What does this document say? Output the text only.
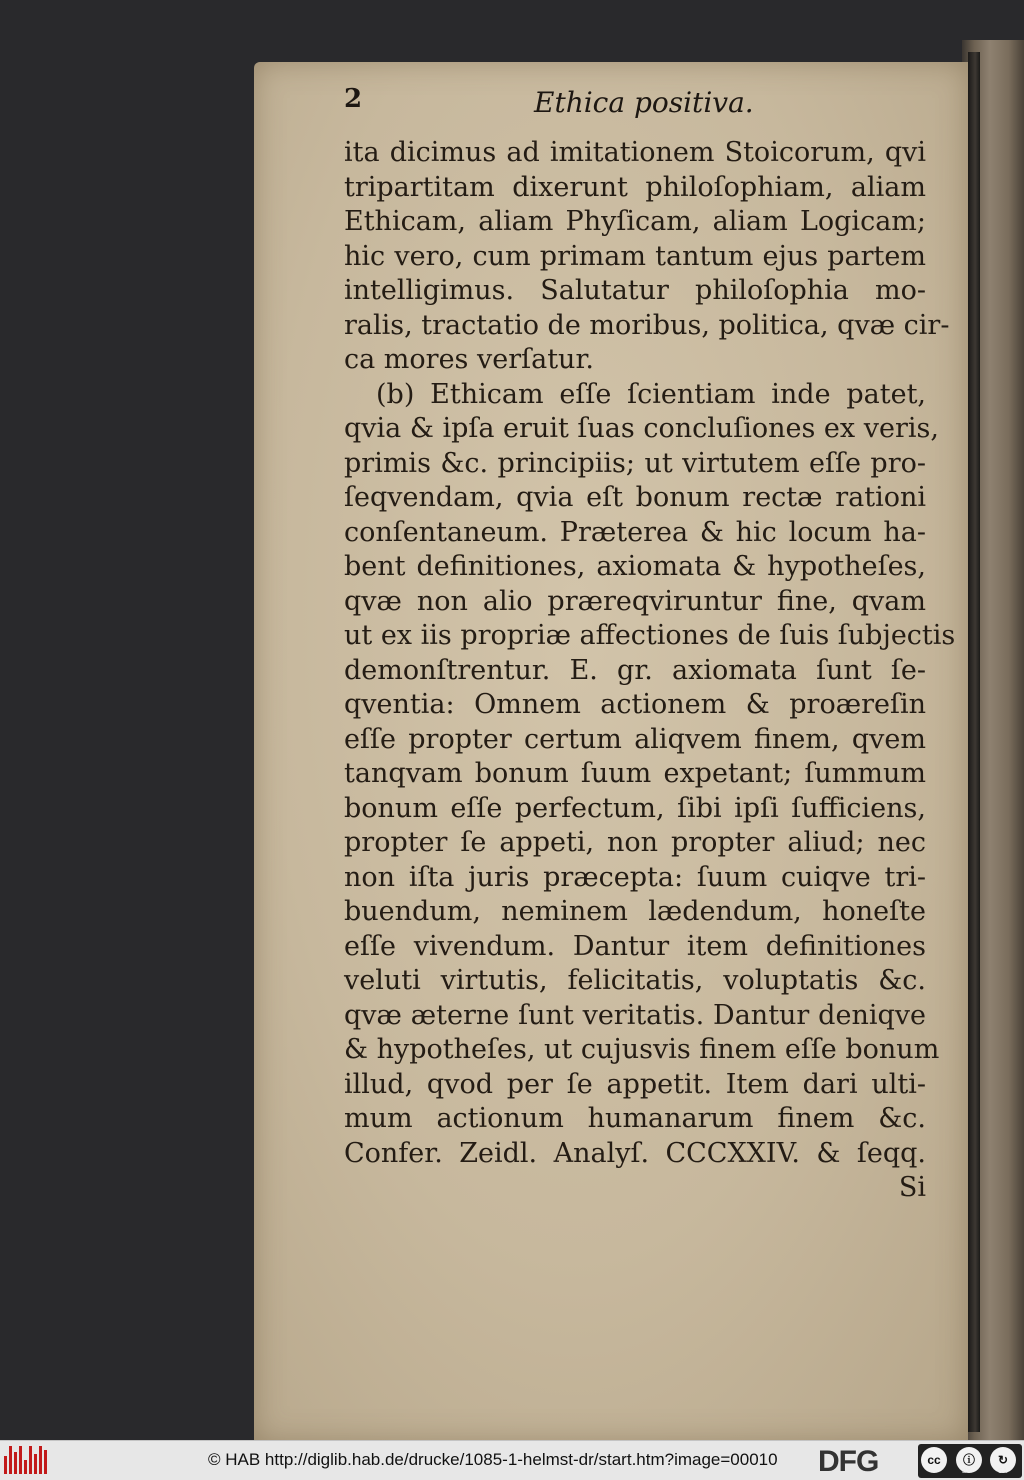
2	Ethica positiva.
ita dicimus ad imitationem Stoicorum, qvi
tripartitam dixerunt philoſophiam, aliam
Ethicam, aliam Phyſicam, aliam Logicam;
hic vero, cum primam tantum ejus partem
intelligimus. Salutatur philoſophia mo-
ralis, tractatio de moribus, politica, qvæ cir-
ca mores verſatur.
(b) Ethicam eſſe ſcientiam inde patet,
qvia & ipſa eruit ſuas concluſiones ex veris,
primis &c. principiis; ut virtutem eſſe pro-
ſeqvendam, qvia eſt bonum rectæ rationi
conſentaneum. Præterea & hic locum ha-
bent definitiones, axiomata & hypotheſes,
qvæ non alio præreqviruntur fine, qvam
ut ex iis propriæ affectiones de ſuis ſubjectis
demonſtrentur. E. gr. axiomata ſunt ſe-
qventia: Omnem actionem & proæreſin
eſſe propter certum aliqvem finem, qvem
tanqvam bonum ſuum expetant; ſummum
bonum eſſe perfectum, ſibi ipſi ſufficiens,
propter ſe appeti, non propter aliud; nec
non iſta juris præcepta: ſuum cuiqve tri-
buendum, neminem lædendum, honeſte
eſſe vivendum. Dantur item definitiones
veluti virtutis, felicitatis, voluptatis &c.
qvæ æterne ſunt veritatis. Dantur deniqve
& hypotheſes, ut cujusvis finem eſſe bonum
illud, qvod per ſe appetit. Item dari ulti-
mum actionum humanarum finem &c.
Confer. Zeidl. Analyſ. CCCXXIV. & ſeqq.
Si
© HAB http://diglib.hab.de/drucke/1085-1-helmst-dr/start.htm?image=00010 DFG	cc	ⓘ	↻
BY	SA
